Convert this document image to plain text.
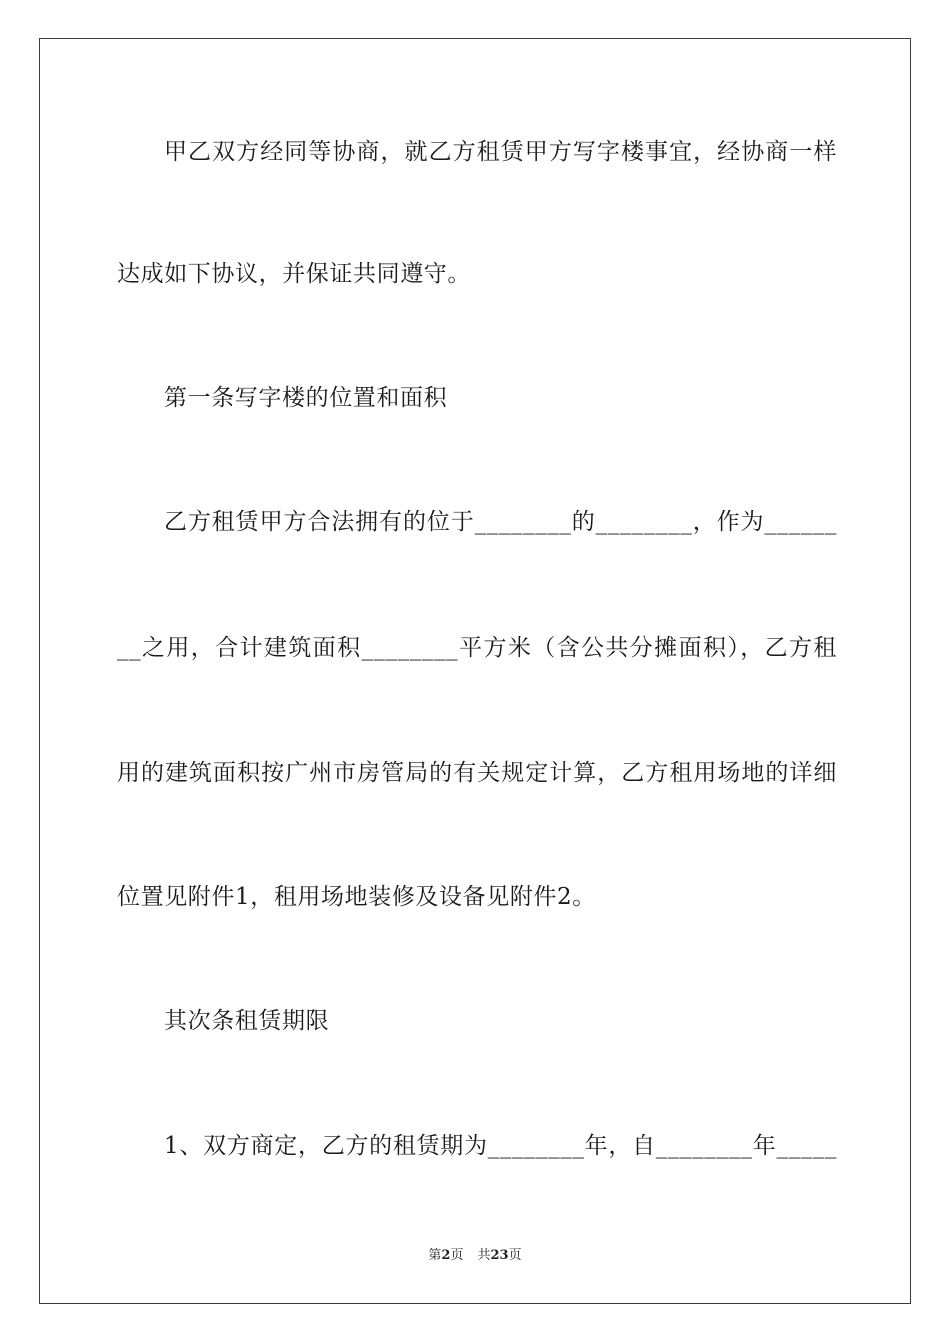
甲乙双方经同等协商，就乙方租赁甲方写字楼事宜，经协商一样
达成如下协议，并保证共同遵守。
第一条写字楼的位置和面积
乙方租赁甲方合法拥有的位于________的________，作为______
__之用，合计建筑面积________平方米（含公共分摊面积），乙方租
用的建筑面积按广州市房管局的有关规定计算，乙方租用场地的详细
位置见附件1，租用场地装修及设备见附件2。
其次条租赁期限
1、双方商定，乙方的租赁期为________年，自________年_____
第2页 共23页
